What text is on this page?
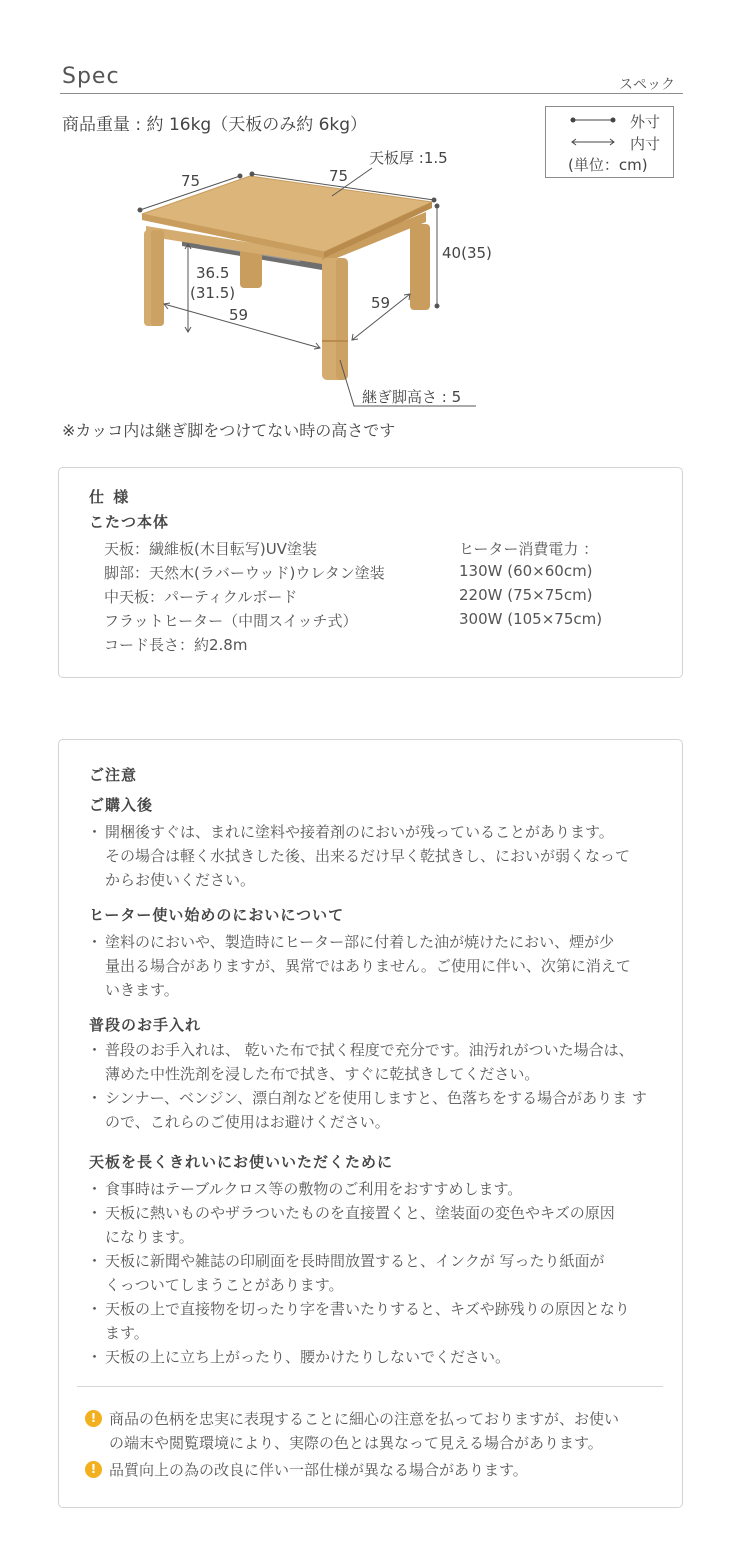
Spec	スペック
商品重量 : 約 16kg（天板のみ約 6kg）	外寸
内寸
(単位：cm)
75	75
天板厚 :1.5
40(35)
36.5
(31.5)
59
59
継ぎ脚高さ : 5
※カッコ内は継ぎ脚をつけてない時の高さです
仕 様
こたつ本体
天板：繊維板(木目転写)UV塗装
脚部：天然木(ラバーウッド)ウレタン塗装
中天板：パーティクルボード
フラットヒーター（中間スイッチ式）
コード長さ：約2.8m
ヒーター消費電力 ：
130W (60×60cm)
220W (75×75cm)
300W (105×75cm)
ご注意
ご購入後
・ 開梱後すぐは、まれに塗料や接着剤のにおいが残っていることがあります。
その場合は軽く水拭きした後、出来るだけ早く乾拭きし、においが弱くなって
からお使いください。
ヒーター使い始めのにおいについて
・ 塗料のにおいや、製造時にヒーター部に付着した油が焼けたにおい、煙が少
量出る場合がありますが、異常ではありません。ご使用に伴い、次第に消えて
いきます。
普段のお手入れ
・ 普段のお手入れは、 乾いた布で拭く程度で充分です。油汚れがついた場合は、
薄めた中性洗剤を浸した布で拭き、すぐに乾拭きしてください。
・ シンナー、ベンジン、漂白剤などを使用しますと、色落ちをする場合がありま す
ので、これらのご使用はお避けください。
天板を長くきれいにお使いいただくために
・ 食事時はテーブルクロス等の敷物のご利用をおすすめします。
・ 天板に熱いものやザラついたものを直接置くと、塗装面の変色やキズの原因
になります。
・ 天板に新聞や雑誌の印刷面を長時間放置すると、インクが 写ったり紙面が
くっついてしまうことがあります。
・ 天板の上で直接物を切ったり字を書いたりすると、キズや跡残りの原因となり
ます。
・ 天板の上に立ち上がったり、腰かけたりしないでください。
! 商品の色柄を忠実に表現することに細心の注意を払っておりますが、お使い
の端末や閲覧環境により、実際の色とは異なって見える場合があります。
! 品質向上の為の改良に伴い一部仕様が異なる場合があります。
